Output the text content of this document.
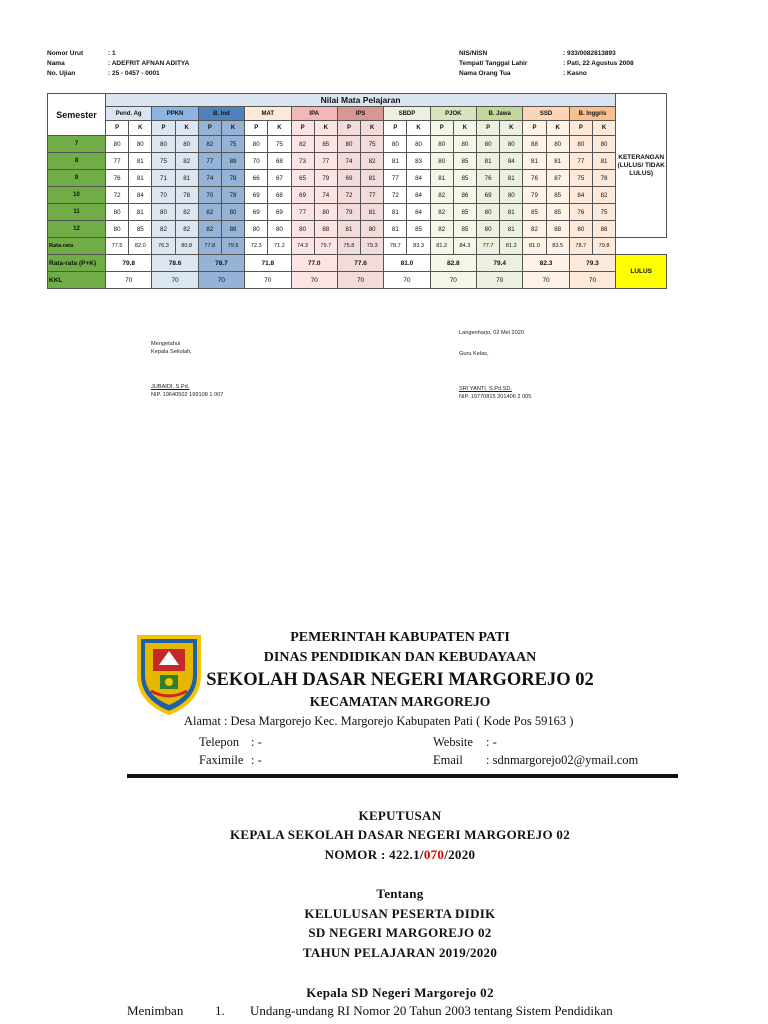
Nomor Urut	: 1
Nama	: ADEFRIT AFNAN ADITYA
No. Ujian	: 25 - 0457 - 0001
NIS/NISN	: 933/0082813893
Tempat/ Tanggal Lahir	: Pati, 22 Agustus 2008
Nama Orang Tua	: Kasno
Semester	Nilai Mata Pelajaran																						KETERANGAN (LULUS/ TIDAK LULUS)
	Pend. Ag		PPKN		B. Ind		MAT		IPA		IPS		SBDP		PJOK		B. Jawa		SSD		B. Inggris		
	P	K	P	K	P	K	P	K	P	K	P	K	P	K	P	K	P	K	P	K	P	K	
7	80	80	80	80	82	75	80	75	82	85	80	75	80	80	80	80	80	80	88	80	80	80	
8	77	81	75	82	77	88	70	68	73	77	74	82	81	83	80	85	81	84	81	81	77	81	
9	76	81	71	81	74	78	66	67	65	79	69	81	77	84	81	85	76	81	76	87	75	78	
10	72	84	70	78	70	78	69	68	69	74	72	77	72	84	82	86	69	80	79	85	84	82	
11	80	81	80	82	82	80	69	69	77	80	79	81	81	84	82	85	80	81	85	85	76	75	
12	80	85	82	82	82	88	80	80	80	88	81	80	81	85	82	85	80	81	82	88	80	88	
Rata-rata	77.5	82.0	76.3	80.8	77.8	79.5	72.3	71.2	74.3	79.7	75.8	79.3	78.7	83.3	81.2	84.3	77.7	81.2	81.0	83.5	78.7	79.8	
Rata-rata (P+K)	79.8		78.6		78.7		71.8		77.0		77.6		81.0		82.8		79.4		82.3		79.3		LULUS
KKL	70		70		70		70		70		70		70		70		70		70		70		
Langenharjo, 02 Mei 2020
Mengetahui
Kepala Sekolah,
JUBAIDI, S.Pd.
NIP. 19640502 199108 1 007
Guru Kelas,
SRI YANTI, S.Pd.SD.
NIP. 19770815 201406 2 005
PEMERINTAH KABUPATEN PATI
DINAS PENDIDIKAN DAN KEBUDAYAAN
SEKOLAH DASAR NEGERI MARGOREJO 02
KECAMATAN MARGOREJO
Alamat : Desa Margorejo Kec. Margorejo Kabupaten Pati ( Kode Pos 59163 )
Telepon : -	Website : -
Faximile : -	Email : sdnmargorejo02@ymail.com
KEPUTUSAN
KEPALA SEKOLAH DASAR NEGERI MARGOREJO 02
NOMOR : 422.1/070/2020
Tentang
KELULUSAN PESERTA DIDIK
SD NEGERI MARGOREJO 02
TAHUN PELAJARAN 2019/2020
Kepala SD Negeri Margorejo 02
Menimban 1. Undang-undang RI Nomor 20 Tahun 2003 tentang Sistem Pendidikan
